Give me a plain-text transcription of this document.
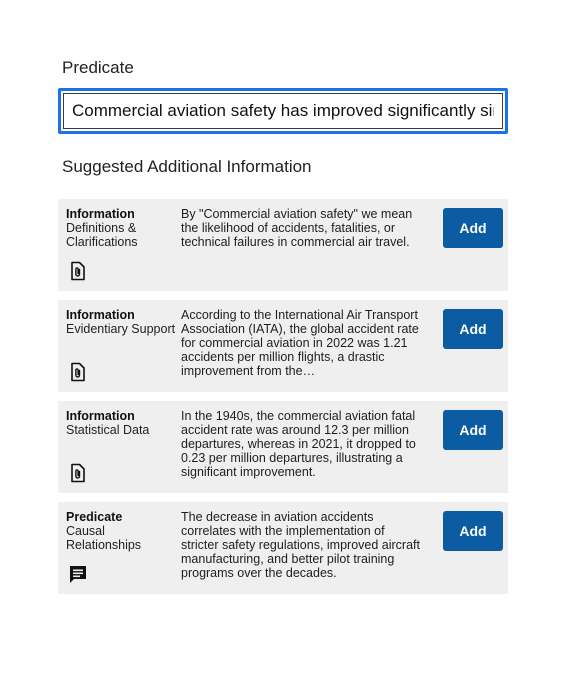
Predicate
Commercial aviation safety has improved significantly since
Suggested Additional Information
Information
Definitions & Clarifications
By "Commercial aviation safety" we mean the likelihood of accidents, fatalities, or technical failures in commercial air travel.
Add
Information
Evidentiary Support
According to the International Air Transport Association (IATA), the global accident rate for commercial aviation in 2022 was 1.21 accidents per million flights, a drastic improvement from the…
Add
Information
Statistical Data
In the 1940s, the commercial aviation fatal accident rate was around 12.3 per million departures, whereas in 2021, it dropped to 0.23 per million departures, illustrating a significant improvement.
Add
Predicate
Causal Relationships
The decrease in aviation accidents correlates with the implementation of stricter safety regulations, improved aircraft manufacturing, and better pilot training programs over the decades.
Add
